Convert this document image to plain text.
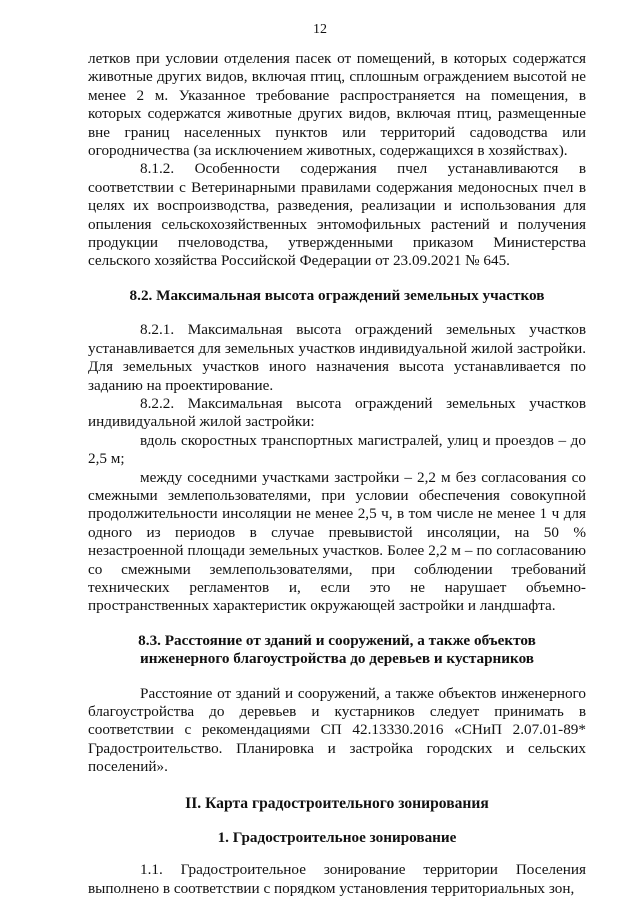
12

летков при условии отделения пасек от помещений, в которых содержатся животные других видов, включая птиц, сплошным ограждением высотой не менее 2 м. Указанное требование распространяется на помещения, в которых содержатся животные других видов, включая птиц, размещенные вне границ населенных пунктов или территорий садоводства или огородничества (за исключением животных, содержащихся в хозяйствах).

8.1.2. Особенности содержания пчел устанавливаются в соответствии с Ветеринарными правилами содержания медоносных пчел в целях их воспроизводства, разведения, реализации и использования для опыления сельскохозяйственных энтомофильных растений и получения продукции пчеловодства, утвержденными приказом Министерства сельского хозяйства Российской Федерации от 23.09.2021 № 645.

8.2. Максимальная высота ограждений земельных участков

8.2.1. Максимальная высота ограждений земельных участков устанавливается для земельных участков индивидуальной жилой застройки. Для земельных участков иного назначения высота устанавливается по заданию на проектирование.

8.2.2. Максимальная высота ограждений земельных участков индивидуальной жилой застройки:

вдоль скоростных транспортных магистралей, улиц и проездов – до 2,5 м;

между соседними участками застройки – 2,2 м без согласования со смежными землепользователями, при условии обеспечения совокупной продолжительности инсоляции не менее 2,5 ч, в том числе не менее 1 ч для одного из периодов в случае превывистой инсоляции, на 50 % незастроенной площади земельных участков. Более 2,2 м – по согласованию со смежными землепользователями, при соблюдении требований технических регламентов и, если это не нарушает объемно-пространственных характеристик окружающей застройки и ландшафта.

8.3. Расстояние от зданий и сооружений, а также объектов

инженерного благоустройства до деревьев и кустарников

Расстояние от зданий и сооружений, а также объектов инженерного благоустройства до деревьев и кустарников следует принимать в соответствии с рекомендациями СП 42.13330.2016 «СНиП 2.07.01-89* Градостроительство. Планировка и застройка городских и сельских поселений».

II. Карта градостроительного зонирования

1. Градостроительное зонирование

1.1. Градостроительное зонирование территории Поселения выполнено в соответствии с порядком установления территориальных зон,
